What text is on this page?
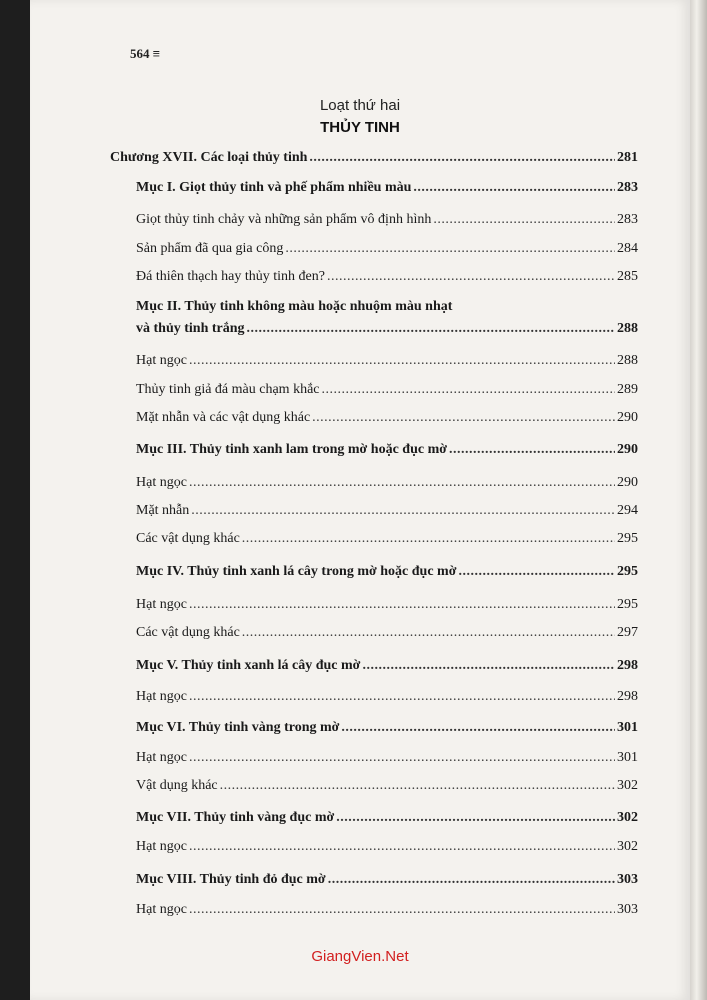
564 ≡
Loạt thứ hai
THỦY TINH
Chương XVII. Các loại thủy tinh .....	281
Mục I. Giọt thủy tinh và phế phẩm nhiều màu .....	283
Giọt thủy tinh chảy và những sản phẩm vô định hình .....	283
Sản phẩm đã qua gia công .....	284
Đá thiên thạch hay thủy tinh đen? .....	285
Mục II. Thủy tinh không màu hoặc nhuộm màu nhạt
và thủy tinh trắng .....	288
Hạt ngọc .....	288
Thủy tinh giả đá màu chạm khắc .....	289
Mặt nhẫn và các vật dụng khác .....	290
Mục III. Thủy tinh xanh lam trong mờ hoặc đục mờ .....	290
Hạt ngọc .....	290
Mặt nhẫn .....	294
Các vật dụng khác .....	295
Mục IV. Thủy tinh xanh lá cây trong mờ hoặc đục mờ .....	295
Hạt ngọc .....	295
Các vật dụng khác .....	297
Mục V. Thủy tinh xanh lá cây đục mờ .....	298
Hạt ngọc .....	298
Mục VI. Thủy tinh vàng trong mờ .....	301
Hạt ngọc .....	301
Vật dụng khác .....	302
Mục VII. Thủy tinh vàng đục mờ .....	302
Hạt ngọc .....	302
Mục VIII. Thủy tinh đỏ đục mờ .....	303
Hạt ngọc .....	303
GiangVien.Net
